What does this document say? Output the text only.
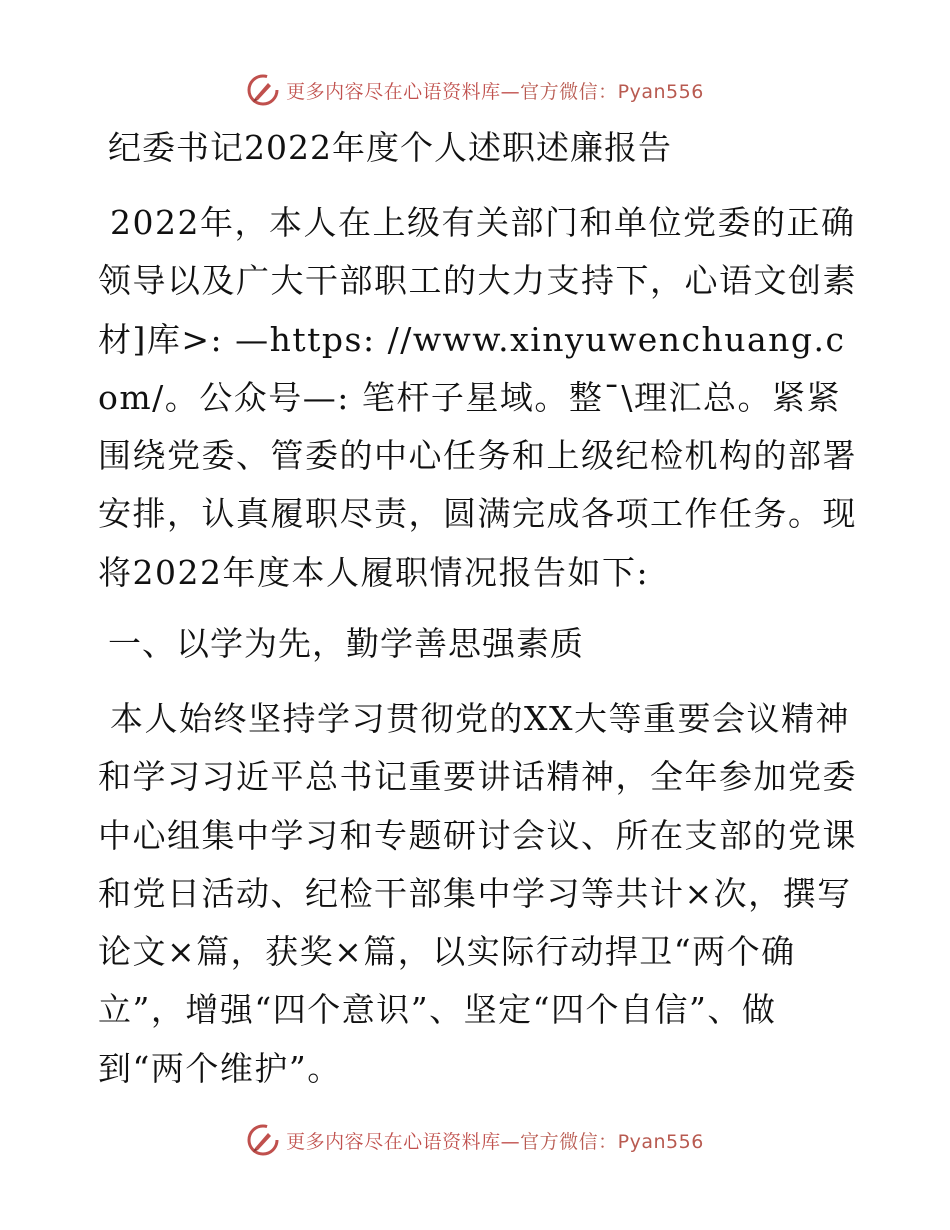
更多内容尽在心语资料库—官方微信：Pyan556
纪委书记2022年度个人述职述廉报告
2022年，本人在上级有关部门和单位党委的正确领导以及广大干部职工的大力支持下，心语文创素材]库>: —https: //www.xinyuwenchuang.com/。公众号—: 笔杆子星域。整¯\理汇总。紧紧围绕党委、管委的中心任务和上级纪检机构的部署安排，认真履职尽责，圆满完成各项工作任务。现将2022年度本人履职情况报告如下:
一、以学为先，勤学善思强素质
本人始终坚持学习贯彻党的XX大等重要会议精神和学习习近平总书记重要讲话精神，全年参加党委中心组集中学习和专题研讨会议、所在支部的党课和党日活动、纪检干部集中学习等共计×次，撰写论文×篇，获奖×篇，以实际行动捍卫“两个确立”，增强“四个意识”、坚定“四个自信”、做到“两个维护”。
更多内容尽在心语资料库—官方微信：Pyan556
